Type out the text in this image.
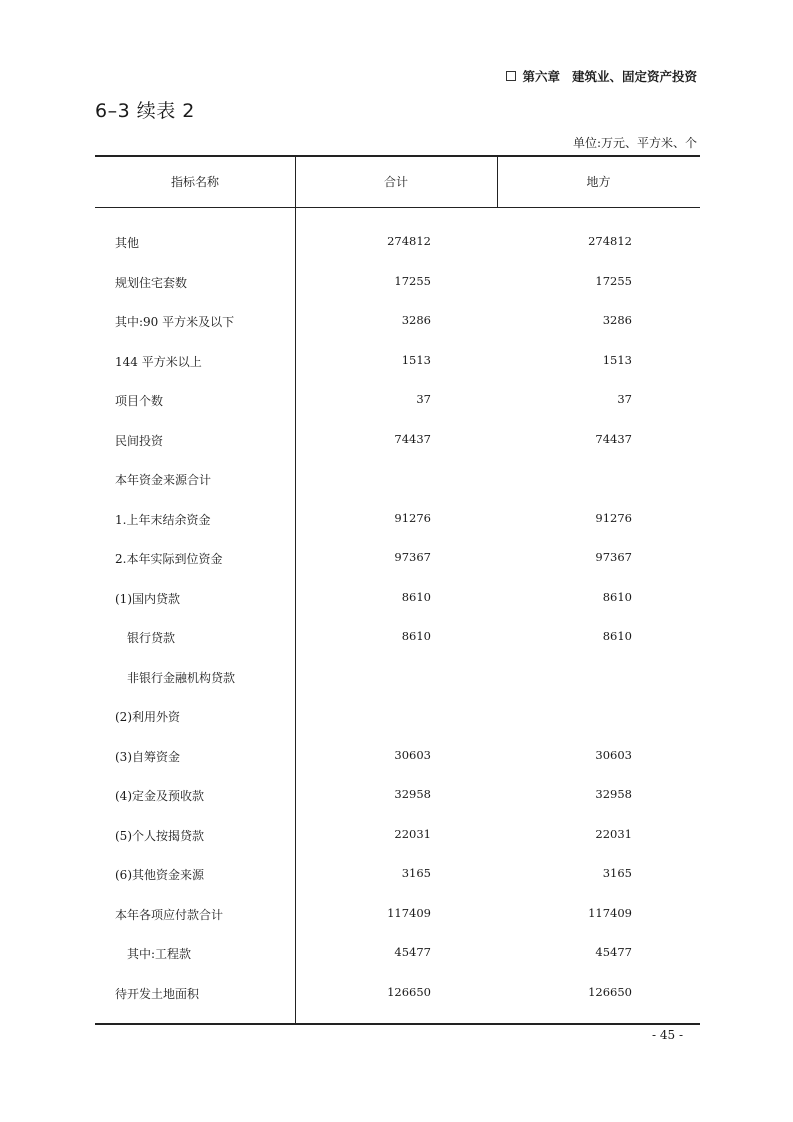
第六章 建筑业、固定资产投资
6–3 续表 2
单位:万元、平方米、个
指标名称	合计	地方
其他	274812	274812
规划住宅套数	17255	17255
其中:90 平方米及以下	3286	3286
144 平方米以上	1513	1513
项目个数	37	37
民间投资	74437	74437
本年资金来源合计
1.上年末结余资金	91276	91276
2.本年实际到位资金	97367	97367
(1)国内贷款	8610	8610
银行贷款	8610	8610
非银行金融机构贷款
(2)利用外资
(3)自筹资金	30603	30603
(4)定金及预收款	32958	32958
(5)个人按揭贷款	22031	22031
(6)其他资金来源	3165	3165
本年各项应付款合计	117409	117409
其中:工程款	45477	45477
待开发土地面积	126650	126650
- 45 -
